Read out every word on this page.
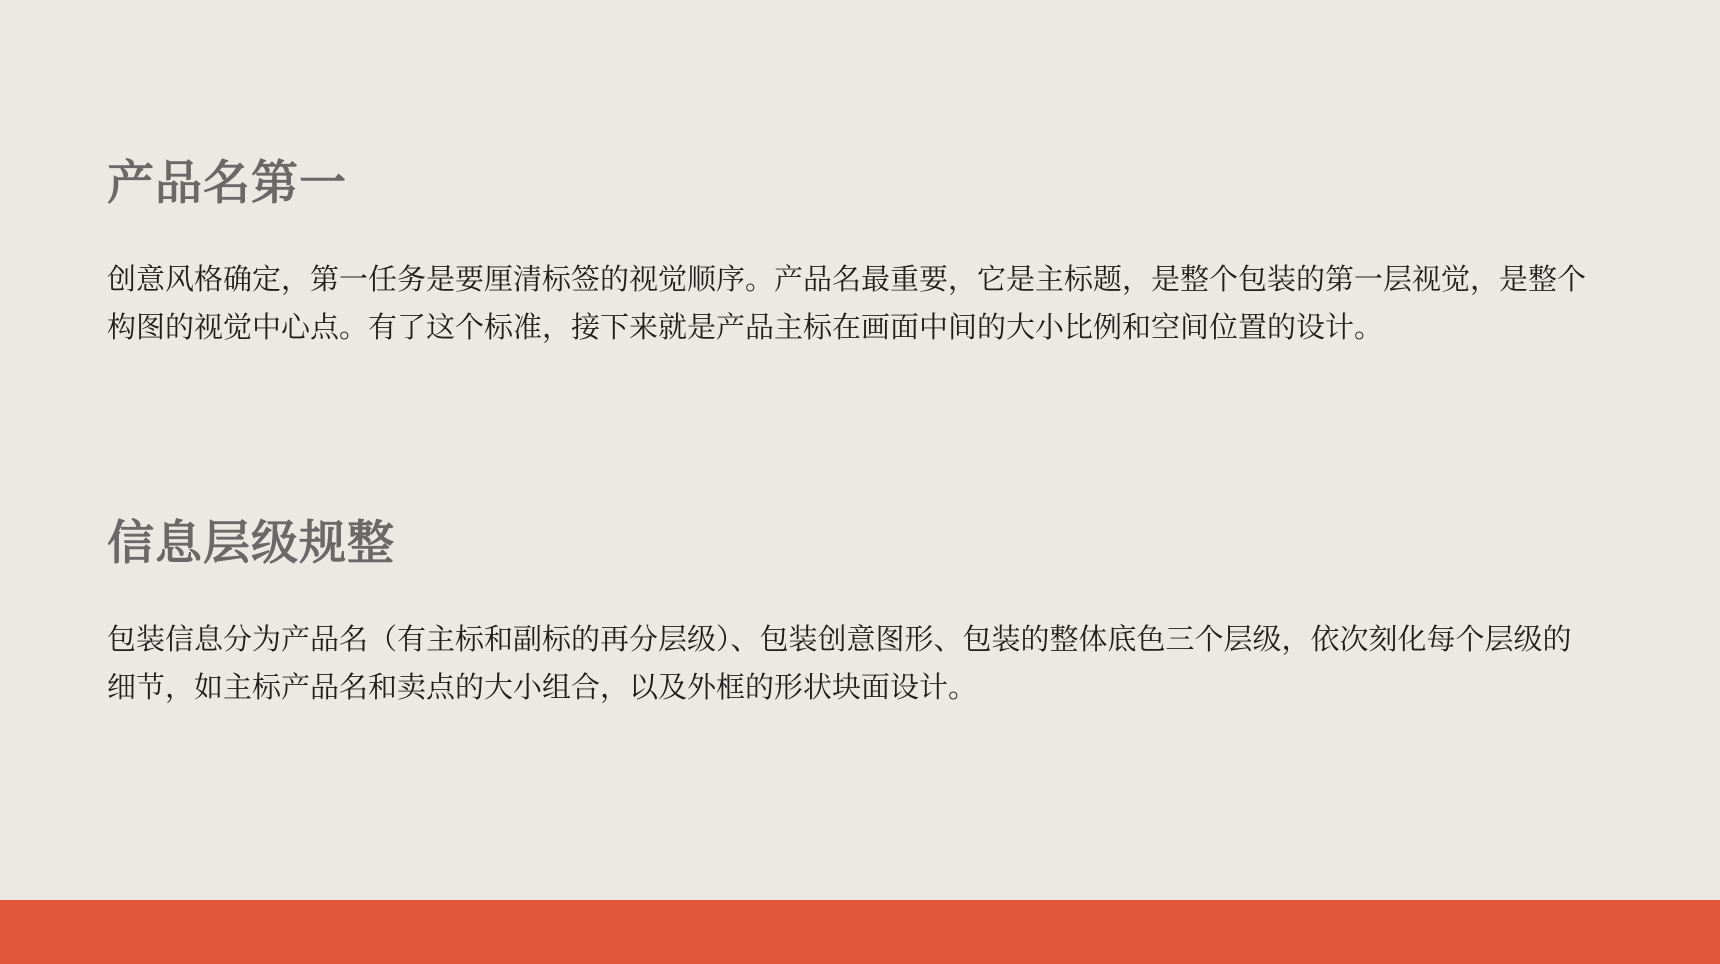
产品名第一

创意风格确定，第一任务是要厘清标签的视觉顺序。产品名最重要，它是主标题，是整个包装的第一层视觉，是整个构图的视觉中心点。有了这个标准，接下来就是产品主标在画面中间的大小比例和空间位置的设计。

信息层级规整

包装信息分为产品名（有主标和副标的再分层级）、包装创意图形、包装的整体底色三个层级，依次刻化每个层级的细节，如主标产品名和卖点的大小组合，以及外框的形状块面设计。
